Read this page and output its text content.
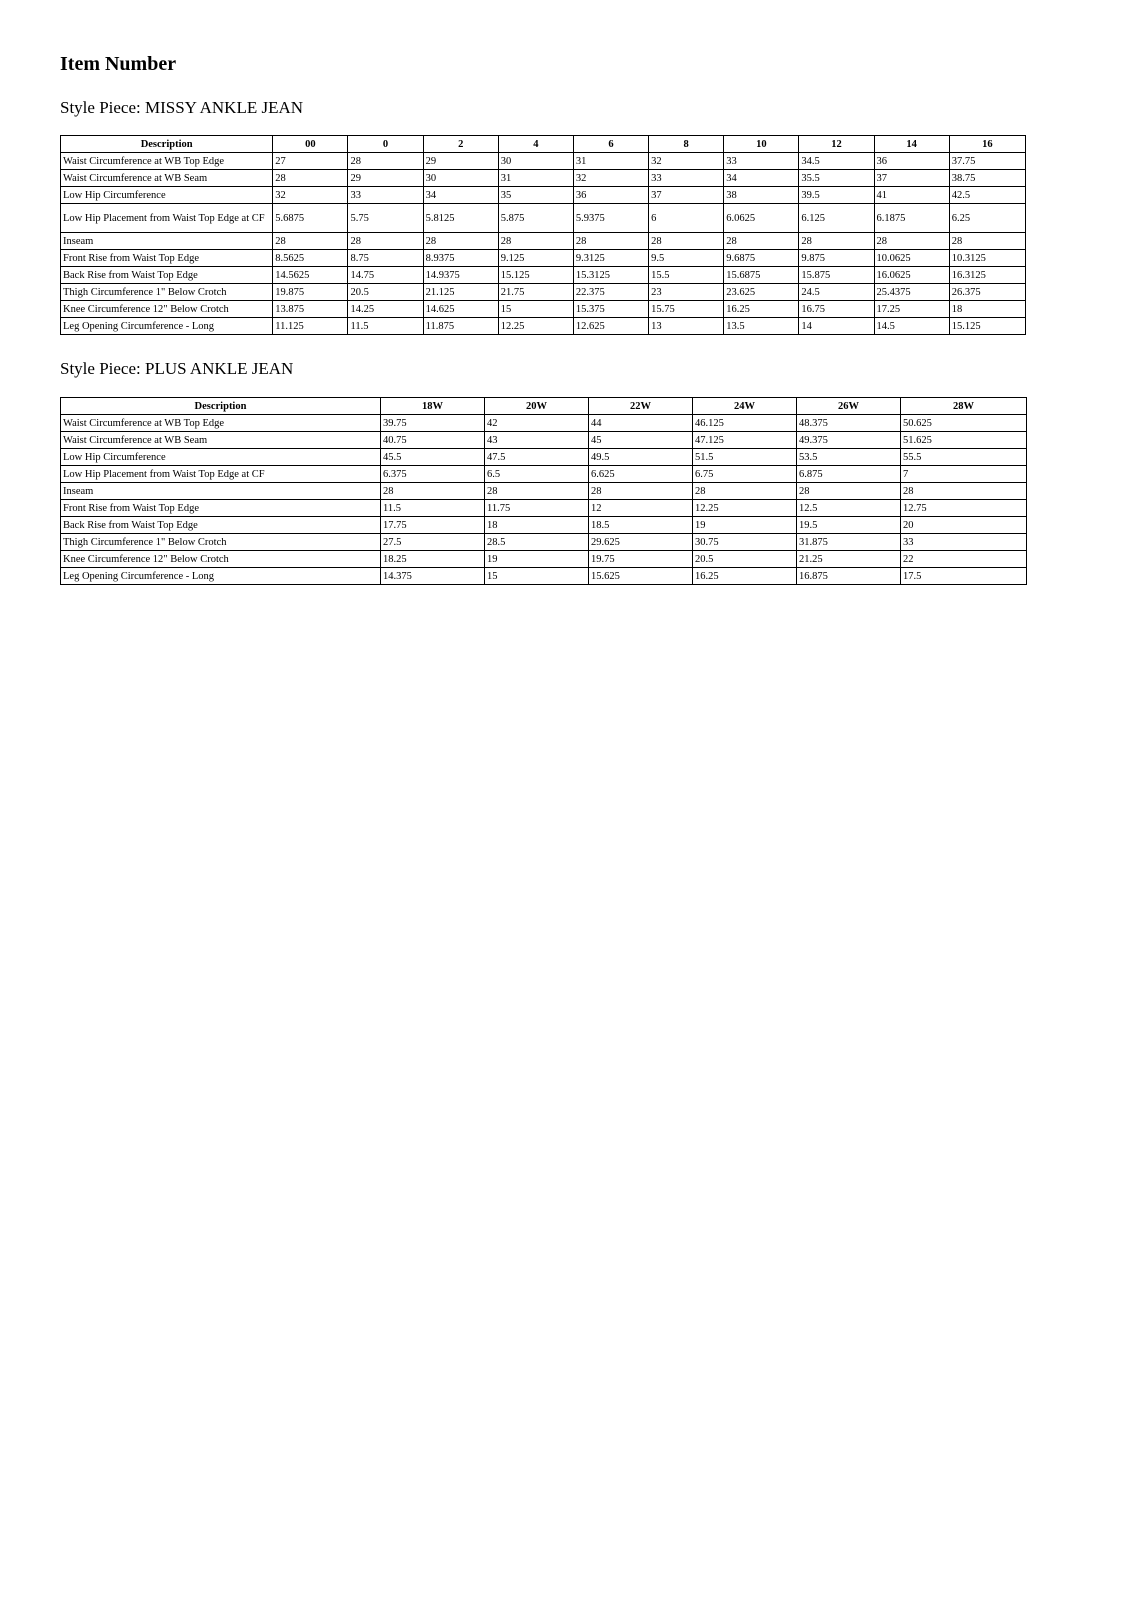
Item Number
Style Piece: MISSY ANKLE JEAN
Description	00	0	2	4	6	8	10	12	14	16
Waist Circumference at WB Top Edge	27	28	29	30	31	32	33	34.5	36	37.75
Waist Circumference at WB Seam	28	29	30	31	32	33	34	35.5	37	38.75
Low Hip Circumference	32	33	34	35	36	37	38	39.5	41	42.5
Low Hip Placement from Waist Top Edge at CF	5.6875	5.75	5.8125	5.875	5.9375	6	6.0625	6.125	6.1875	6.25
Inseam	28	28	28	28	28	28	28	28	28	28
Front Rise from Waist Top Edge	8.5625	8.75	8.9375	9.125	9.3125	9.5	9.6875	9.875	10.0625	10.3125
Back Rise from Waist Top Edge	14.5625	14.75	14.9375	15.125	15.3125	15.5	15.6875	15.875	16.0625	16.3125
Thigh Circumference 1" Below Crotch	19.875	20.5	21.125	21.75	22.375	23	23.625	24.5	25.4375	26.375
Knee Circumference 12" Below Crotch	13.875	14.25	14.625	15	15.375	15.75	16.25	16.75	17.25	18
Leg Opening Circumference - Long	11.125	11.5	11.875	12.25	12.625	13	13.5	14	14.5	15.125
Style Piece: PLUS ANKLE JEAN
Description	18W	20W	22W	24W	26W	28W
Waist Circumference at WB Top Edge	39.75	42	44	46.125	48.375	50.625
Waist Circumference at WB Seam	40.75	43	45	47.125	49.375	51.625
Low Hip Circumference	45.5	47.5	49.5	51.5	53.5	55.5
Low Hip Placement from Waist Top Edge at CF	6.375	6.5	6.625	6.75	6.875	7
Inseam	28	28	28	28	28	28
Front Rise from Waist Top Edge	11.5	11.75	12	12.25	12.5	12.75
Back Rise from Waist Top Edge	17.75	18	18.5	19	19.5	20
Thigh Circumference 1" Below Crotch	27.5	28.5	29.625	30.75	31.875	33
Knee Circumference 12" Below Crotch	18.25	19	19.75	20.5	21.25	22
Leg Opening Circumference - Long	14.375	15	15.625	16.25	16.875	17.5
